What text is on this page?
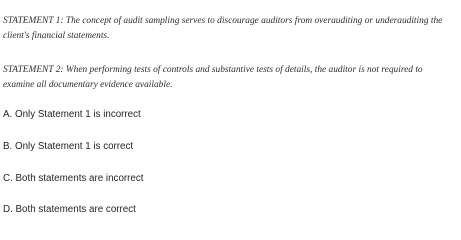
STATEMENT 1: The concept of audit sampling serves to discourage auditors from overauditing or underauditing the client's financial statements.

STATEMENT 2: When performing tests of controls and substantive tests of details, the auditor is not required to examine all documentary evidence available.

A. Only Statement 1 is incorrect
B. Only Statement 1 is correct
C. Both statements are incorrect
D. Both statements are correct
